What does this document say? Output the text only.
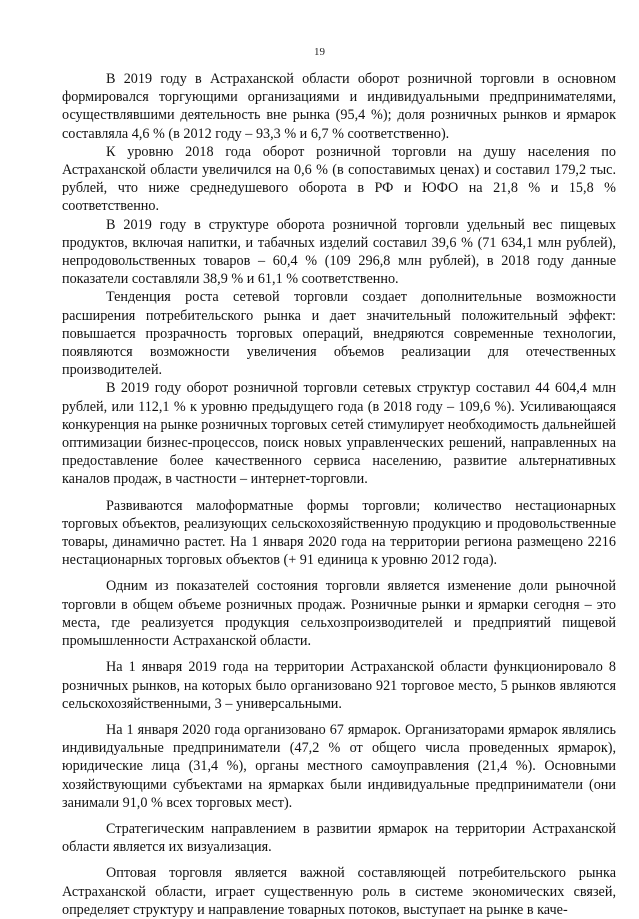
19

В 2019 году в Астраханской области оборот розничной торговли в основном формировался торгующими организациями и индивидуальными предпринимателями, осуществлявшими деятельность вне рынка (95,4 %); доля розничных рынков и ярмарок составляла 4,6 % (в 2012 году – 93,3 % и 6,7 % соответственно).

К уровню 2018 года оборот розничной торговли на душу населения по Астраханской области увеличился на 0,6 % (в сопоставимых ценах) и составил 179,2 тыс. рублей, что ниже среднедушевого оборота в РФ и ЮФО на 21,8 % и 15,8 % соответственно.

В 2019 году в структуре оборота розничной торговли удельный вес пищевых продуктов, включая напитки, и табачных изделий составил 39,6 % (71 634,1 млн рублей), непродовольственных товаров – 60,4 % (109 296,8 млн рублей), в 2018 году данные показатели составляли 38,9 % и 61,1 % соответственно.

Тенденция роста сетевой торговли создает дополнительные возможности расширения потребительского рынка и дает значительный положительный эффект: повышается прозрачность торговых операций, внедряются современные технологии, появляются возможности увеличения объемов реализации для отечественных производителей.

В 2019 году оборот розничной торговли сетевых структур составил 44 604,4 млн рублей, или 112,1 % к уровню предыдущего года (в 2018 году – 109,6 %). Усиливающаяся конкуренция на рынке розничных торговых сетей стимулирует необходимость дальнейшей оптимизации бизнес-процессов, поиск новых управленческих решений, направленных на предоставление более качественного сервиса населению, развитие альтернативных каналов продаж, в частности – интернет-торговли.

Развиваются малоформатные формы торговли; количество нестационарных торговых объектов, реализующих сельскохозяйственную продукцию и продовольственные товары, динамично растет. На 1 января 2020 года на территории региона размещено 2216 нестационарных торговых объектов (+ 91 единица к уровню 2012 года).

Одним из показателей состояния торговли является изменение доли рыночной торговли в общем объеме розничных продаж. Розничные рынки и ярмарки сегодня – это места, где реализуется продукция сельхозпроизводителей и предприятий пищевой промышленности Астраханской области.

На 1 января 2019 года на территории Астраханской области функционировало 8 розничных рынков, на которых было организовано 921 торговое место, 5 рынков являются сельскохозяйственными, 3 – универсальными.

На 1 января 2020 года организовано 67 ярмарок. Организаторами ярмарок являлись индивидуальные предприниматели (47,2 % от общего числа проведенных ярмарок), юридические лица (31,4 %), органы местного самоуправления (21,4 %). Основными хозяйствующими субъектами на ярмарках были индивидуальные предприниматели (они занимали 91,0 % всех торговых мест).

Стратегическим направлением в развитии ярмарок на территории Астраханской области является их визуализация.

Оптовая торговля является важной составляющей потребительского рынка Астраханской области, играет существенную роль в системе экономических связей, определяет структуру и направление товарных потоков, выступает на рынке в каче-
